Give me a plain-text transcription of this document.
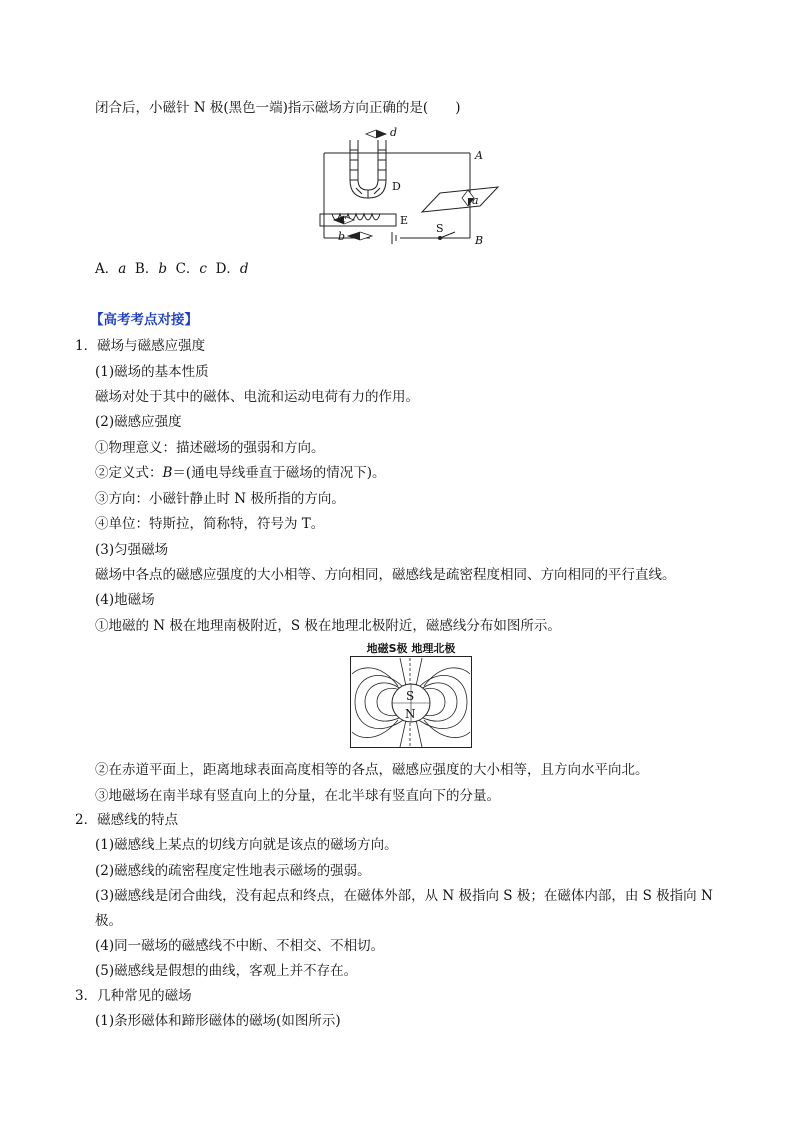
闭合后，小磁针 N 极(黑色一端)指示磁场方向正确的是(　　)
d
a
c
b
A
B
D
E
S
A．a B．b C．c D．d
【高考考点对接】
1．磁场与磁感应强度
(1)磁场的基本性质
磁场对处于其中的磁体、电流和运动电荷有力的作用。
(2)磁感应强度
①物理意义：描述磁场的强弱和方向。
②定义式：B＝(通电导线垂直于磁场的情况下)。
③方向：小磁针静止时 N 极所指的方向。
④单位：特斯拉，简称特，符号为 T。
(3)匀强磁场
磁场中各点的磁感应强度的大小相等、方向相同，磁感线是疏密程度相同、方向相同的平行直线。
(4)地磁场
①地磁的 N 极在地理南极附近，S 极在地理北极附近，磁感线分布如图所示。
地磁S极 地理北极
S
N
②在赤道平面上，距离地球表面高度相等的各点，磁感应强度的大小相等，且方向水平向北。
③地磁场在南半球有竖直向上的分量，在北半球有竖直向下的分量。
2．磁感线的特点
(1)磁感线上某点的切线方向就是该点的磁场方向。
(2)磁感线的疏密程度定性地表示磁场的强弱。
(3)磁感线是闭合曲线，没有起点和终点，在磁体外部，从 N 极指向 S 极；在磁体内部，由 S 极指向 N
极。
(4)同一磁场的磁感线不中断、不相交、不相切。
(5)磁感线是假想的曲线，客观上并不存在。
3．几种常见的磁场
(1)条形磁体和蹄形磁体的磁场(如图所示)
